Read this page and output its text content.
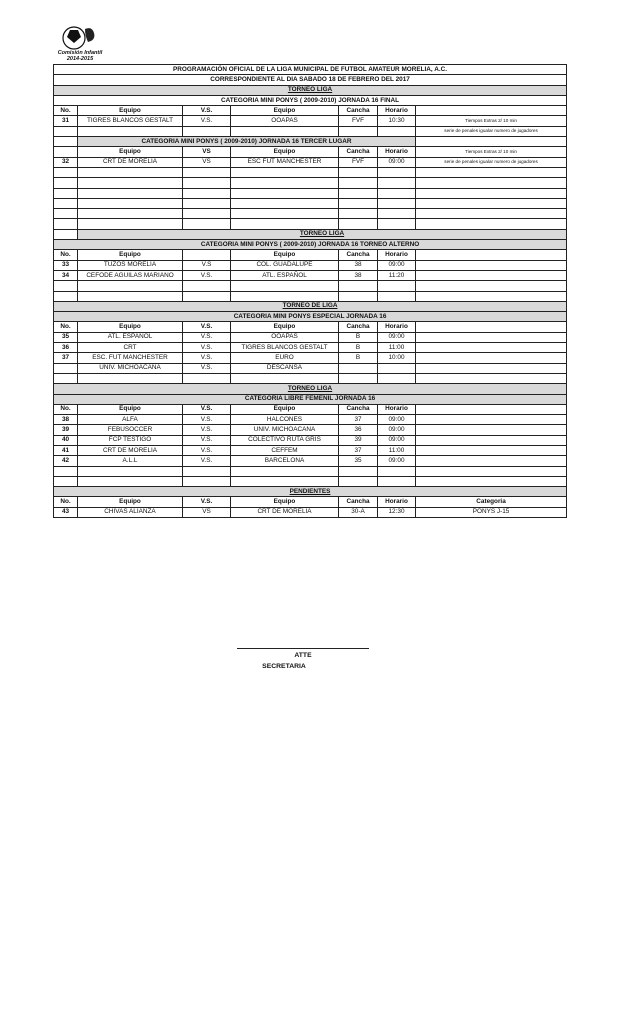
Comisión Infantil
2014-2015
PROGRAMACIÓN OFICIAL DE LA LIGA MUNICIPAL DE FUTBOL AMATEUR MORELIA, A.C.						
CORRESPONDIENTE AL DIA SABADO 18 DE FEBRERO DEL 2017						
TORNEO LIGA						
CATEGORIA MINI PONYS ( 2009-2010) JORNADA 16 FINAL						
No.	Equipo	V.S.	Equipo	Cancha	Horario	
31	TIGRES BLANCOS GESTALT	V.S.	OOAPAS	FVF	10:30	Tiempos Extras 2/ 10 min
						serie de penales igualar numero de jugadores
	CATEGORIA MINI PONYS ( 2009-2010) JORNADA 16 TERCER LUGAR					
	Equipo	VS	Equipo	Cancha	Horario	Tiempos Extras 2/ 10 min
32	CRT DE MORELIA	VS	ESC FUT MANCHESTER	FVF	09:00	serie de penales igualar numero de jugadores

	TORNEO LIGA					
CATEGORIA MINI PONYS ( 2009-2010) JORNADA 16 TORNEO ALTERNO						
No.	Equipo		Equipo	Cancha	Horario	
33	TUZOS MORELIA	V.S	COL. GUADALUPE	38	09:00	
34	CEFODE AGUILAS MARIANO	V.S.	ATL. ESPAÑOL	38	11:20	

TORNEO DE LIGA						
CATEGORIA MINI PONYS ESPECIAL JORNADA 16						
No.	Equipo	V.S.	Equipo	Cancha	Horario	
35	ATL. ESPAÑOL	V.S.	OOAPAS	B	09:00	
36	CRT	V.S.	TIGRES BLANCOS GESTALT	B	11:00	
37	ESC. FUT MANCHESTER	V.S.	EURO	B	10:00	
	UNIV. MICHOACANA	V.S.	DESCANSA			

TORNEO LIGA						
CATEGORIA LIBRE FEMENIL JORNADA 16						
No.	Equipo	V.S.	Equipo	Cancha	Horario	
38	ALFA	V.S.	HALCONES	37	09:00	
39	FEBUSOCCER	V.S.	UNIV. MICHOACANA	36	09:00	
40	FCP TESTIGO	V.S.	COLECTIVO RUTA GRIS	39	09:00	
41	CRT DE MORELIA	V.S.	CEFFEM	37	11:00	
42	A.L.L	V.S.	BARCELONA	35	09:00	

PENDIENTES						
No.	Equipo	V.S.	Equipo	Cancha	Horario	Categoria
43	CHIVAS ALIANZA	VS	CRT DE MORELIA	30-A	12:30	PONYS J-15
ATTE
SECRETARIA
